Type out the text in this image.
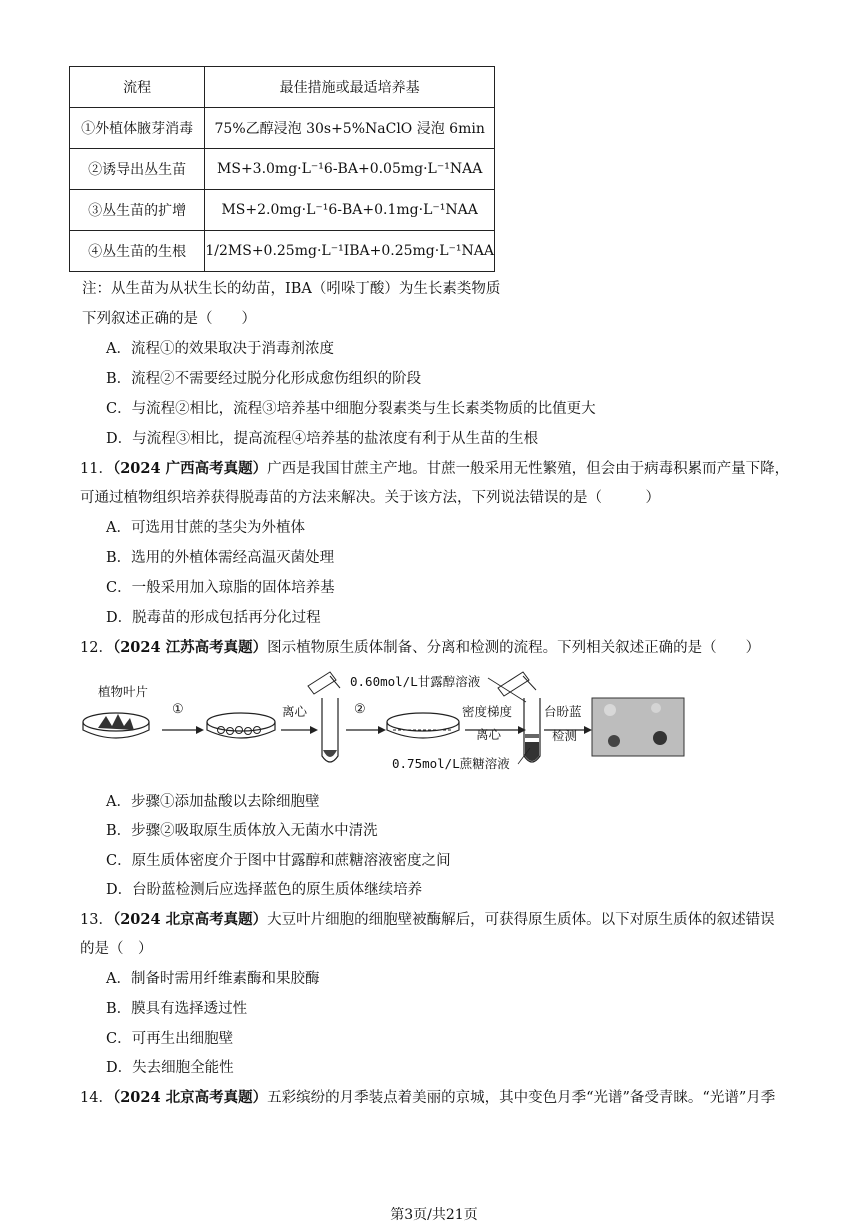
流程	最佳措施或最适培养基
①外植体腋芽消毒	75%乙醇浸泡 30s+5%NaClO 浸泡 6min
②诱导出丛生苗	MS+3.0mg·L⁻¹6-BA+0.05mg·L⁻¹NAA
③丛生苗的扩增	MS+2.0mg·L⁻¹6-BA+0.1mg·L⁻¹NAA
④丛生苗的生根	1/2MS+0.25mg·L⁻¹IBA+0.25mg·L⁻¹NAA
注：从生苗为从状生长的幼苗，IBA（吲哚丁酸）为生长素类物质
下列叙述正确的是（　　）
A．流程①的效果取决于消毒剂浓度
B．流程②不需要经过脱分化形成愈伤组织的阶段
C．与流程②相比，流程③培养基中细胞分裂素类与生长素类物质的比值更大
D．与流程③相比，提高流程④培养基的盐浓度有利于从生苗的生根
11．（2024 广西高考真题）广西是我国甘蔗主产地。甘蔗一般采用无性繁殖，但会由于病毒积累而产量下降，
可通过植物组织培养获得脱毒苗的方法来解决。关于该方法，下列说法错误的是（　　　）
A．可选用甘蔗的茎尖为外植体
B．选用的外植体需经高温灭菌处理
C．一般采用加入琼脂的固体培养基
D．脱毒苗的形成包括再分化过程
12．（2024 江苏高考真题）图示植物原生质体制备、分离和检测的流程。下列相关叙述正确的是（　　）
植物叶片
①	离心	②
0.60mol/L甘露醇溶液
密度梯度
离心
0.75mol/L蔗糖溶液
台盼蓝
检测
A．步骤①添加盐酸以去除细胞壁
B．步骤②吸取原生质体放入无菌水中清洗
C．原生质体密度介于图中甘露醇和蔗糖溶液密度之间
D．台盼蓝检测后应选择蓝色的原生质体继续培养
13．（2024 北京高考真题）大豆叶片细胞的细胞壁被酶解后，可获得原生质体。以下对原生质体的叙述错误
的是（　）
A．制备时需用纤维素酶和果胶酶
B．膜具有选择透过性
C．可再生出细胞壁
D．失去细胞全能性
14．（2024 北京高考真题）五彩缤纷的月季装点着美丽的京城，其中变色月季“光谱”备受青睐。“光谱”月季
第3页/共21页
